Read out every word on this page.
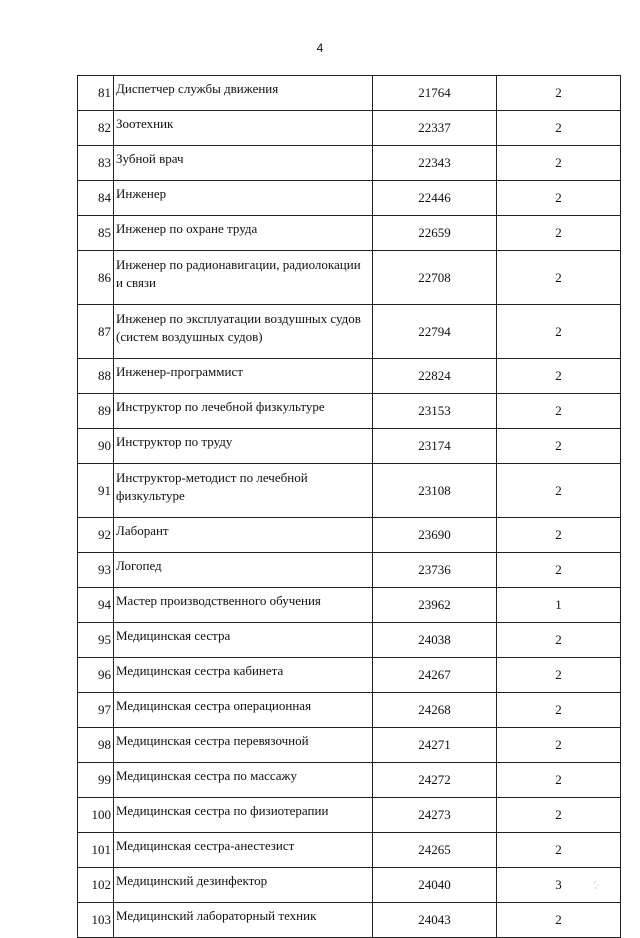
4
81	Диспетчер службы движения	21764	2
82	Зоотехник	22337	2
83	Зубной врач	22343	2
84	Инженер	22446	2
85	Инженер по охране труда	22659	2
86	Инженер по радионавигации, радиолокации и связи	22708	2
87	Инженер по эксплуатации воздушных судов (систем воздушных судов)	22794	2
88	Инженер-программист	22824	2
89	Инструктор по лечебной физкультуре	23153	2
90	Инструктор по труду	23174	2
91	Инструктор-методист по лечебной физкультуре	23108	2
92	Лаборант	23690	2
93	Логопед	23736	2
94	Мастер производственного обучения	23962	1
95	Медицинская сестра	24038	2
96	Медицинская сестра кабинета	24267	2
97	Медицинская сестра операционная	24268	2
98	Медицинская сестра перевязочной	24271	2
99	Медицинская сестра по массажу	24272	2
100	Медицинская сестра по физиотерапии	24273	2
101	Медицинская сестра-анестезист	24265	2
102	Медицинский дезинфектор	24040	3
103	Медицинский лабораторный техник	24043	2
